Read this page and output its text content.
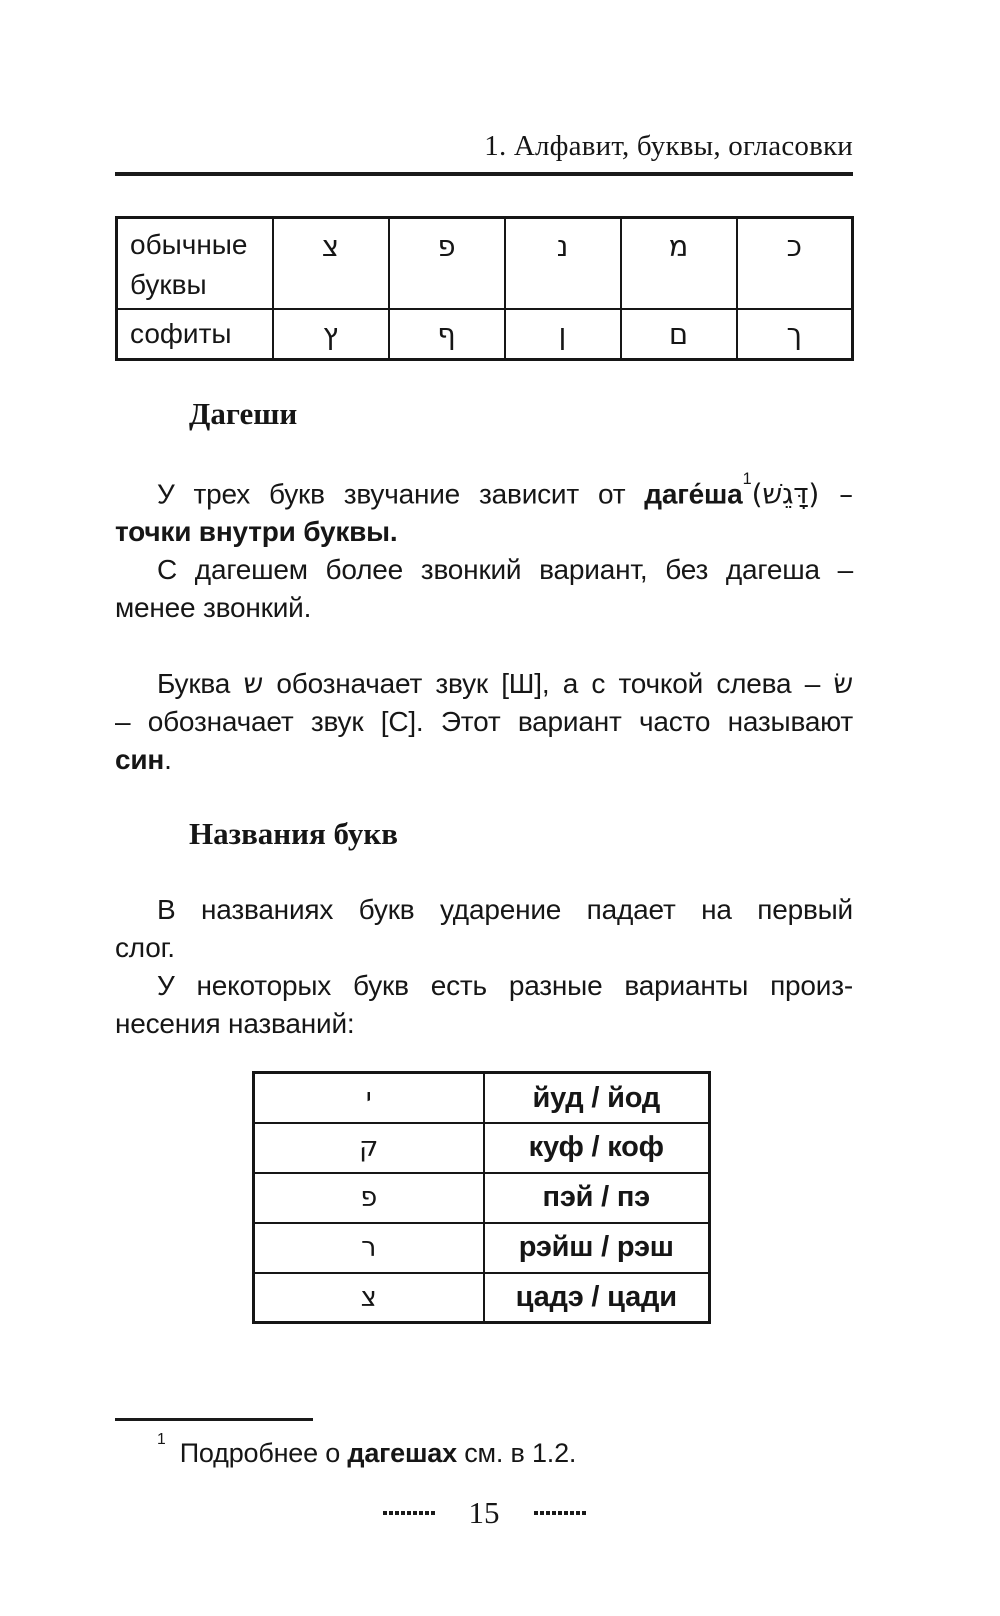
1. Алфавит, буквы, огласовки
обычные буквы	צ	פ	נ	מ	כ
софиты	ץ	ף	ן	ם	ך
Дагеши
У трех букв звучание зависит от даге́ша$^1$(דָּגֵשׁ) –
точки внутри буквы.
С дагешем более звонкий вариант, без дагеша –
менее звонкий.
Буква ש обозначает звук [Ш], а с точкой слева – שׂ
– обозначает звук [С]. Этот вариант часто называют
син.
Названия букв
В названиях букв ударение падает на первый
слог.
У некоторых букв есть разные варианты произ-
несения названий:
י	йуд / йод
ק	куф / коф
פ	пэй / пэ
ר	рэйш / рэш
צ	цадэ / цади
$^1$ Подробнее о дагешах см. в 1.2.
15
